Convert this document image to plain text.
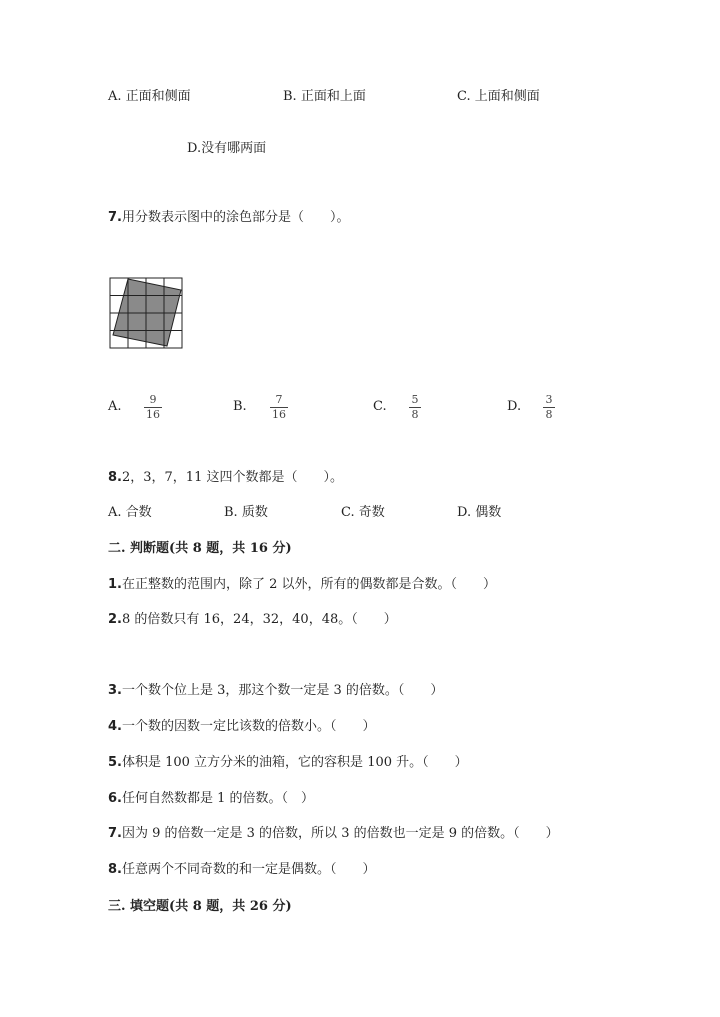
A. 正面和侧面	B. 正面和上面	C. 上面和侧面
D.没有哪两面
7.用分数表示图中的涂色部分是（　　）。
A.	9
16
B.	7
16
C. 5
8
D. 3
8
8.2，3，7，11 这四个数都是（　　）。
A. 合数	B. 质数	C. 奇数	D. 偶数
二. 判断题(共 8 题，共 16 分)
1.在正整数的范围内，除了 2 以外，所有的偶数都是合数。（　　）
2.8 的倍数只有 16，24，32，40，48。（　　）
3.一个数个位上是 3，那这个数一定是 3 的倍数。（　　）
4.一个数的因数一定比该数的倍数小。（　　）
5.体积是 100 立方分米的油箱，它的容积是 100 升。（　　）
6.任何自然数都是 1 的倍数。（　）
7.因为 9 的倍数一定是 3 的倍数，所以 3 的倍数也一定是 9 的倍数。（　　）
8.任意两个不同奇数的和一定是偶数。（　　）
三. 填空题(共 8 题，共 26 分)
